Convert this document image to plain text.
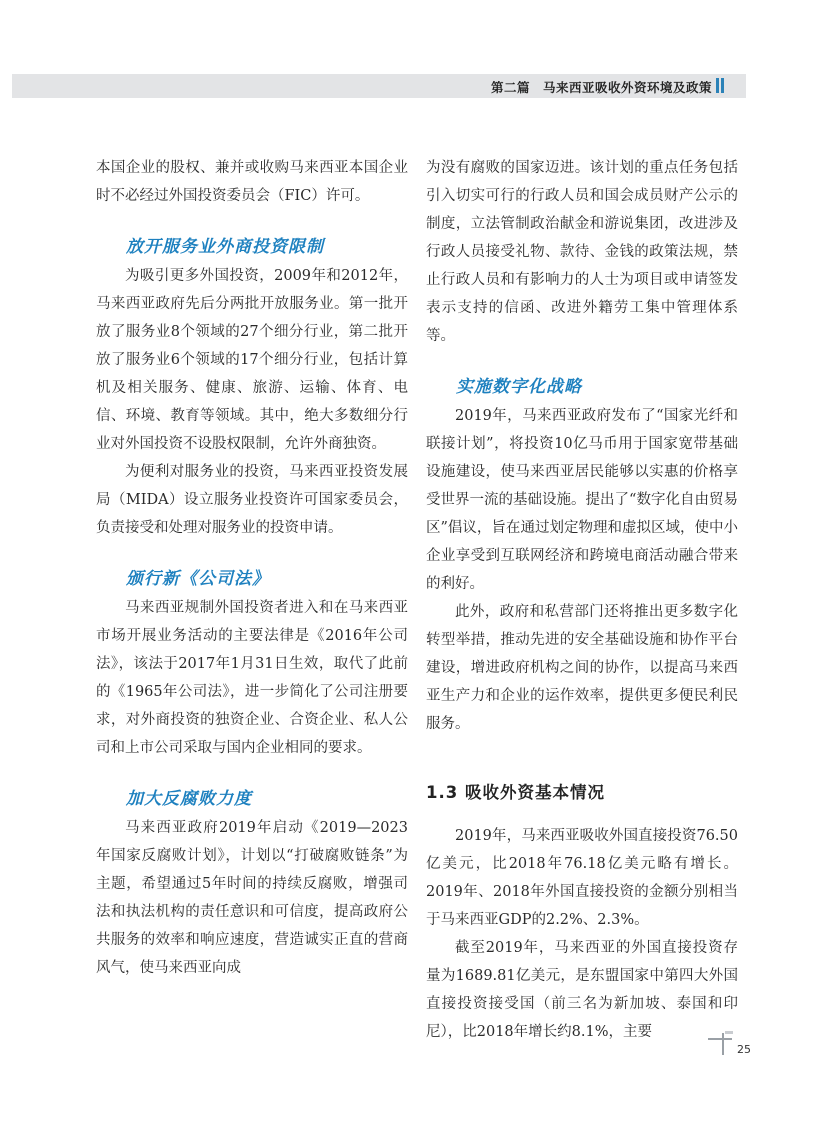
第二篇　马来西亚吸收外资环境及政策

本国企业的股权、兼并或收购马来西亚本国企业时不必经过外国投资委员会（FIC）许可。

放开服务业外商投资限制

为吸引更多外国投资，2009年和2012年，马来西亚政府先后分两批开放服务业。第一批开放了服务业8个领域的27个细分行业，第二批开放了服务业6个领域的17个细分行业，包括计算机及相关服务、健康、旅游、运输、体育、电信、环境、教育等领域。其中，绝大多数细分行业对外国投资不设股权限制，允许外商独资。

为便利对服务业的投资，马来西亚投资发展局（MIDA）设立服务业投资许可国家委员会，负责接受和处理对服务业的投资申请。

颁行新《公司法》

马来西亚规制外国投资者进入和在马来西亚市场开展业务活动的主要法律是《2016年公司法》，该法于2017年1月31日生效，取代了此前的《1965年公司法》，进一步简化了公司注册要求，对外商投资的独资企业、合资企业、私人公司和上市公司采取与国内企业相同的要求。

加大反腐败力度

马来西亚政府2019年启动《2019—2023年国家反腐败计划》，计划以“打破腐败链条”为主题，希望通过5年时间的持续反腐败，增强司法和执法机构的责任意识和可信度，提高政府公共服务的效率和响应速度，营造诚实正直的营商风气，使马来西亚向成

为没有腐败的国家迈进。该计划的重点任务包括引入切实可行的行政人员和国会成员财产公示的制度，立法管制政治献金和游说集团，改进涉及行政人员接受礼物、款待、金钱的政策法规，禁止行政人员和有影响力的人士为项目或申请签发表示支持的信函、改进外籍劳工集中管理体系等。

实施数字化战略

2019年，马来西亚政府发布了“国家光纤和联接计划”，将投资10亿马币用于国家宽带基础设施建设，使马来西亚居民能够以实惠的价格享受世界一流的基础设施。提出了“数字化自由贸易区”倡议，旨在通过划定物理和虚拟区域，使中小企业享受到互联网经济和跨境电商活动融合带来的利好。

此外，政府和私营部门还将推出更多数字化转型举措，推动先进的安全基础设施和协作平台建设，增进政府机构之间的协作，以提高马来西亚生产力和企业的运作效率，提供更多便民利民服务。

1.3 吸收外资基本情况

2019年，马来西亚吸收外国直接投资76.50亿美元，比2018年76.18亿美元略有增长。2019年、2018年外国直接投资的金额分别相当于马来西亚GDP的2.2%、2.3%。

截至2019年，马来西亚的外国直接投资存量为1689.81亿美元，是东盟国家中第四大外国直接投资接受国（前三名为新加坡、泰国和印尼），比2018年增长约8.1%，主要

25
